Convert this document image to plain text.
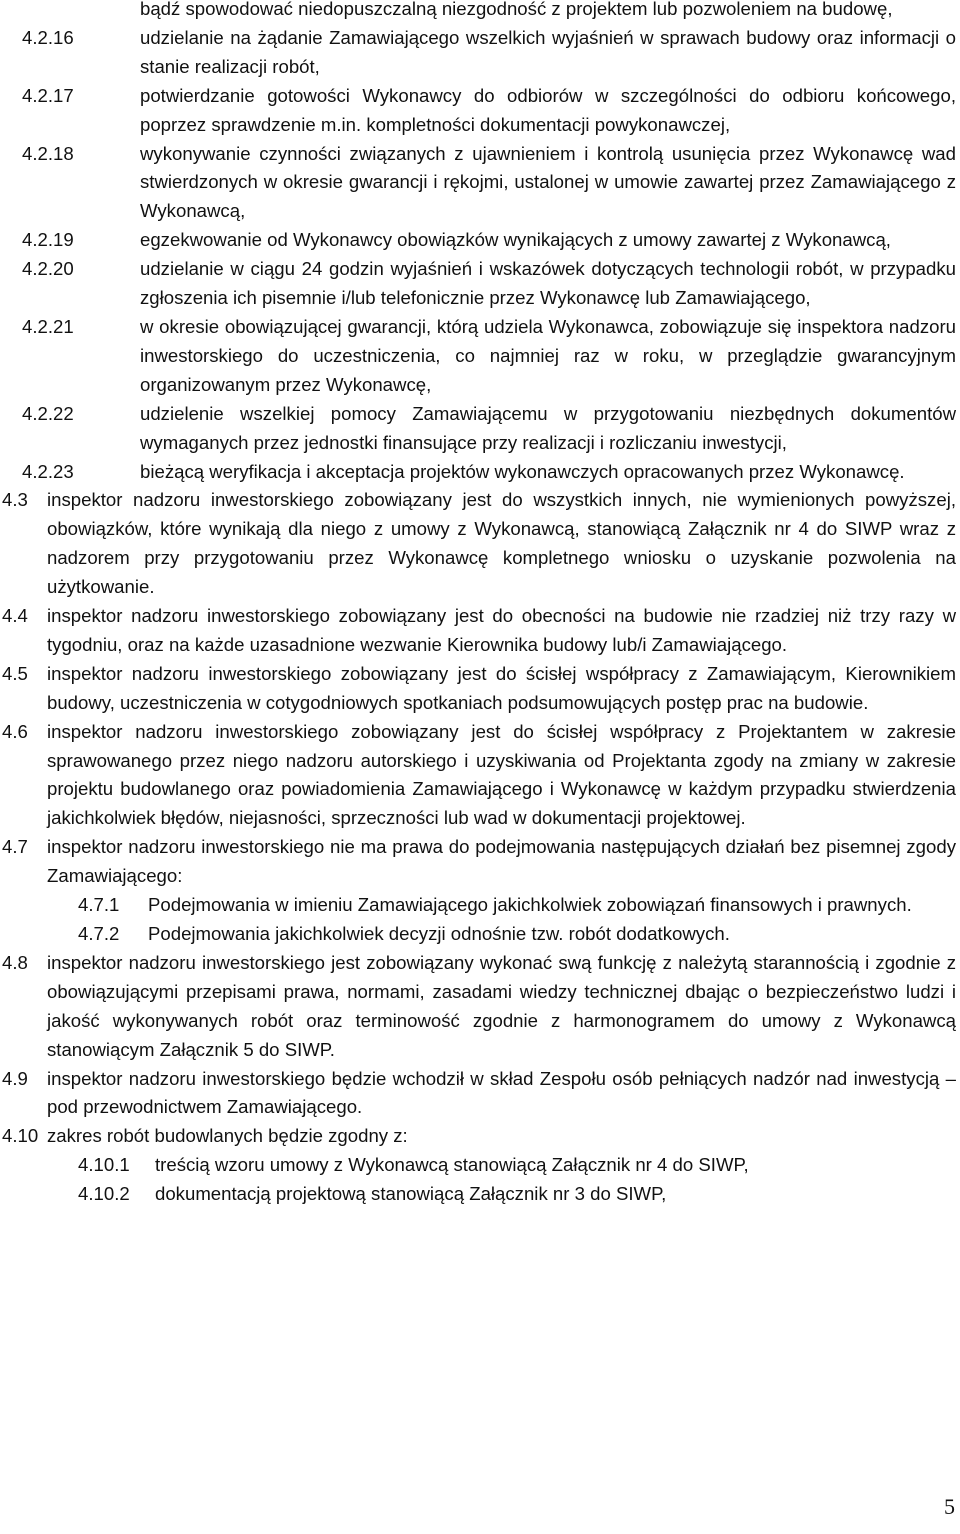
bądź spowodować niedopuszczalną niezgodność z projektem lub pozwoleniem na budowę,
4.2.16	udzielanie na żądanie Zamawiającego wszelkich wyjaśnień w sprawach budowy oraz informacji o stanie realizacji robót,
4.2.17	potwierdzanie gotowości Wykonawcy do odbiorów w szczególności do odbioru końcowego, poprzez sprawdzenie m.in. kompletności dokumentacji powykonawczej,
4.2.18	wykonywanie czynności związanych z ujawnieniem i kontrolą usunięcia przez Wykonawcę wad stwierdzonych w okresie gwarancji i rękojmi, ustalonej w umowie zawartej przez Zamawiającego z Wykonawcą,
4.2.19	egzekwowanie od Wykonawcy obowiązków wynikających z umowy zawartej z Wykonawcą,
4.2.20	udzielanie w ciągu 24 godzin wyjaśnień i wskazówek dotyczących technologii robót, w przypadku zgłoszenia ich pisemnie i/lub telefonicznie przez Wykonawcę lub Zamawiającego,
4.2.21	w okresie obowiązującej gwarancji, którą udziela Wykonawca, zobowiązuje się inspektora nadzoru inwestorskiego do uczestniczenia, co najmniej raz w roku, w przeglądzie gwarancyjnym organizowanym przez Wykonawcę,
4.2.22	udzielenie wszelkiej pomocy Zamawiającemu w przygotowaniu niezbędnych dokumentów wymaganych przez jednostki finansujące przy realizacji i rozliczaniu inwestycji,
4.2.23	bieżącą weryfikacja i akceptacja projektów wykonawczych opracowanych przez Wykonawcę.
4.3 inspektor nadzoru inwestorskiego zobowiązany jest do wszystkich innych, nie wymienionych powyższej, obowiązków, które wynikają dla niego z umowy z Wykonawcą, stanowiącą Załącznik nr 4 do SIWP wraz z nadzorem przy przygotowaniu przez Wykonawcę kompletnego wniosku o uzyskanie pozwolenia na użytkowanie.
4.4 inspektor nadzoru inwestorskiego zobowiązany jest do obecności na budowie nie rzadziej niż trzy razy w tygodniu, oraz na każde uzasadnione wezwanie Kierownika budowy lub/i Zamawiającego.
4.5 inspektor nadzoru inwestorskiego zobowiązany jest do ścisłej współpracy z Zamawiającym, Kierownikiem budowy, uczestniczenia w cotygodniowych spotkaniach podsumowujących postęp prac na budowie.
4.6 inspektor nadzoru inwestorskiego zobowiązany jest do ścisłej współpracy z Projektantem w zakresie sprawowanego przez niego nadzoru autorskiego i uzyskiwania od Projektanta zgody na zmiany w zakresie projektu budowlanego oraz powiadomienia Zamawiającego i Wykonawcę w każdym przypadku stwierdzenia jakichkolwiek błędów, niejasności, sprzeczności lub wad w dokumentacji projektowej.
4.7 inspektor nadzoru inwestorskiego nie ma prawa do podejmowania następujących działań bez pisemnej zgody Zamawiającego:
4.7.1 Podejmowania w imieniu Zamawiającego jakichkolwiek zobowiązań finansowych i prawnych.
4.7.2 Podejmowania jakichkolwiek decyzji odnośnie tzw. robót dodatkowych.
4.8 inspektor nadzoru inwestorskiego jest zobowiązany wykonać swą funkcję z należytą starannością i zgodnie z obowiązującymi przepisami prawa, normami, zasadami wiedzy technicznej dbając o bezpieczeństwo ludzi i jakość wykonywanych robót oraz terminowość zgodnie z harmonogramem do umowy z Wykonawcą stanowiącym Załącznik 5 do SIWP.
4.9 inspektor nadzoru inwestorskiego będzie wchodził w skład Zespołu osób pełniących nadzór nad inwestycją – pod przewodnictwem Zamawiającego.
4.10 zakres robót budowlanych będzie zgodny z:
4.10.1 treścią wzoru umowy z Wykonawcą stanowiącą Załącznik nr 4 do SIWP,
4.10.2 dokumentacją projektową stanowiącą Załącznik nr 3 do SIWP,
5
